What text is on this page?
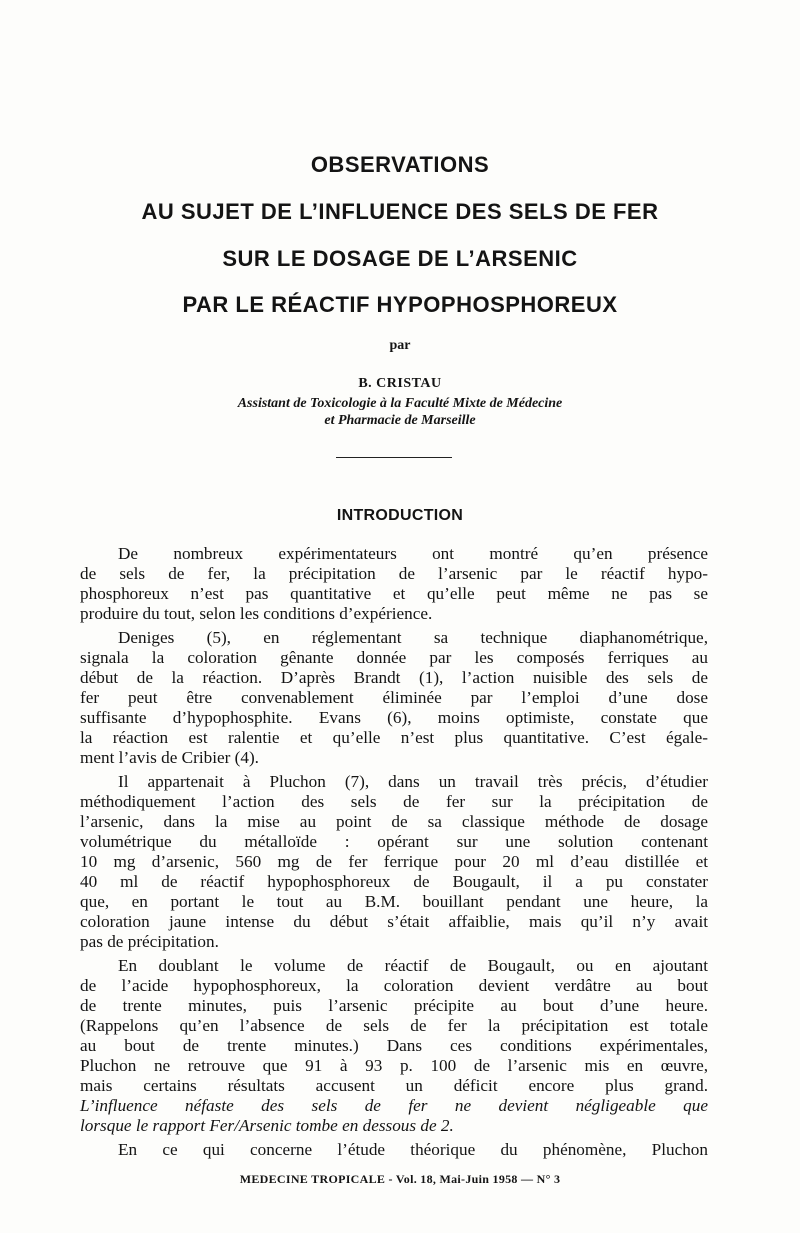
OBSERVATIONS
AU SUJET DE L’INFLUENCE DES SELS DE FER
SUR LE DOSAGE DE L’ARSENIC
PAR LE RÉACTIF HYPOPHOSPHOREUX
par
B. CRISTAU
Assistant de Toxicologie à la Faculté Mixte de Médecine
et Pharmacie de Marseille
INTRODUCTION
De nombreux expérimentateurs ont montré qu’en présence
de sels de fer, la précipitation de l’arsenic par le réactif hypo-
phosphoreux n’est pas quantitative et qu’elle peut même ne pas se
produire du tout, selon les conditions d’expérience.
Deniges (5), en réglementant sa technique diaphanométrique,
signala la coloration gênante donnée par les composés ferriques au
début de la réaction. D’après Brandt (1), l’action nuisible des sels de
fer peut être convenablement éliminée par l’emploi d’une dose
suffisante d’hypophosphite. Evans (6), moins optimiste, constate que
la réaction est ralentie et qu’elle n’est plus quantitative. C’est égale-
ment l’avis de Cribier (4).
Il appartenait à Pluchon (7), dans un travail très précis, d’étudier
méthodiquement l’action des sels de fer sur la précipitation de
l’arsenic, dans la mise au point de sa classique méthode de dosage
volumétrique du métalloïde : opérant sur une solution contenant
10 mg d’arsenic, 560 mg de fer ferrique pour 20 ml d’eau distillée et
40 ml de réactif hypophosphoreux de Bougault, il a pu constater
que, en portant le tout au B.M. bouillant pendant une heure, la
coloration jaune intense du début s’était affaiblie, mais qu’il n’y avait
pas de précipitation.
En doublant le volume de réactif de Bougault, ou en ajoutant
de l’acide hypophosphoreux, la coloration devient verdâtre au bout
de trente minutes, puis l’arsenic précipite au bout d’une heure.
(Rappelons qu’en l’absence de sels de fer la précipitation est totale
au bout de trente minutes.) Dans ces conditions expérimentales,
Pluchon ne retrouve que 91 à 93 p. 100 de l’arsenic mis en œuvre,
mais certains résultats accusent un déficit encore plus grand.
L’influence néfaste des sels de fer ne devient négligeable que
lorsque le rapport Fer/Arsenic tombe en dessous de 2.
En ce qui concerne l’étude théorique du phénomène, Pluchon
MEDECINE TROPICALE - Vol. 18, Mai-Juin 1958 — N° 3
